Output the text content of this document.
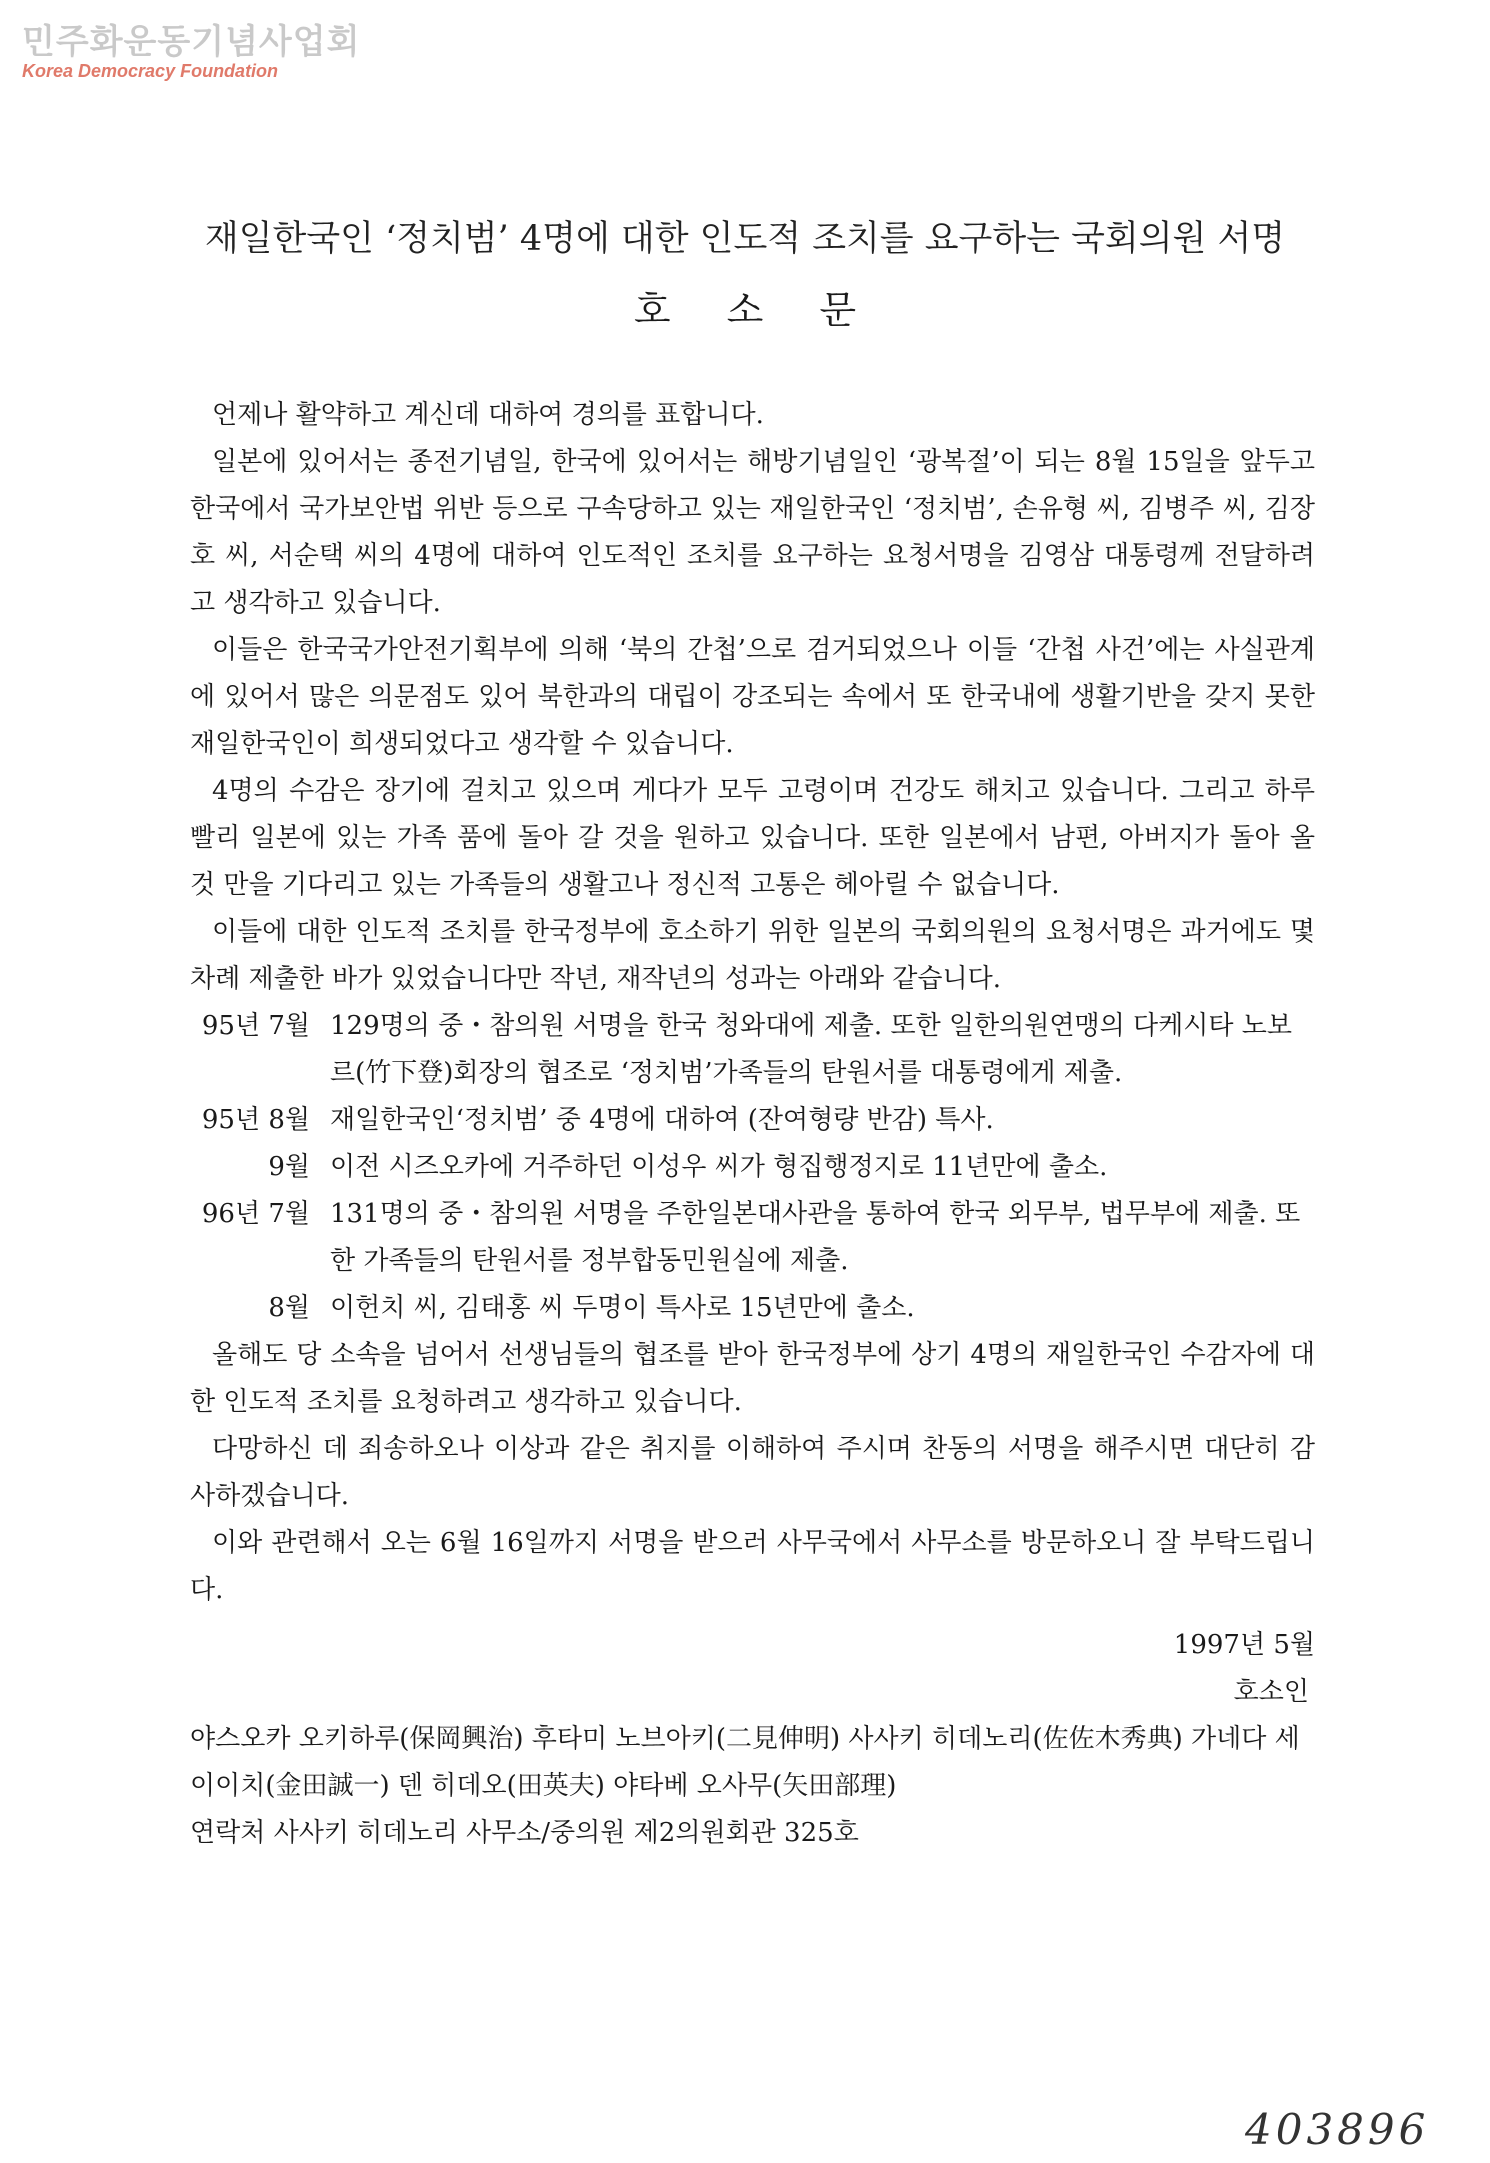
민주화운동기념사업회
Korea Democracy Foundation
재일한국인 ‘정치범’ 4명에 대한 인도적 조치를 요구하는 국회의원 서명
호 소 문

언제나 활약하고 계신데 대하여 경의를 표합니다.

일본에 있어서는 종전기념일, 한국에 있어서는 해방기념일인 ‘광복절’이 되는 8월 15일을 앞두고 한국에서 국가보안법 위반 등으로 구속당하고 있는 재일한국인 ‘정치범’, 손유형 씨, 김병주 씨, 김장호 씨, 서순택 씨의 4명에 대하여 인도적인 조치를 요구하는 요청서명을 김영삼 대통령께 전달하려고 생각하고 있습니다.

이들은 한국국가안전기획부에 의해 ‘북의 간첩’으로 검거되었으나 이들 ‘간첩 사건’에는 사실관계에 있어서 많은 의문점도 있어 북한과의 대립이 강조되는 속에서 또 한국내에 생활기반을 갖지 못한 재일한국인이 희생되었다고 생각할 수 있습니다.

4명의 수감은 장기에 걸치고 있으며 게다가 모두 고령이며 건강도 해치고 있습니다. 그리고 하루빨리 일본에 있는 가족 품에 돌아 갈 것을 원하고 있습니다. 또한 일본에서 남편, 아버지가 돌아 올 것 만을 기다리고 있는 가족들의 생활고나 정신적 고통은 헤아릴 수 없습니다.

이들에 대한 인도적 조치를 한국정부에 호소하기 위한 일본의 국회의원의 요청서명은 과거에도 몇차례 제출한 바가 있었습니다만 작년, 재작년의 성과는 아래와 같습니다.

95년 7월 129명의 중・참의원 서명을 한국 청와대에 제출. 또한 일한의원연맹의 다케시타 노보르(竹下登)회장의 협조로 ‘정치범’가족들의 탄원서를 대통령에게 제출.
95년 8월 재일한국인‘정치범’ 중 4명에 대하여 (잔여형량 반감) 특사.
9월 이전 시즈오카에 거주하던 이성우 씨가 형집행정지로 11년만에 출소.
96년 7월 131명의 중・참의원 서명을 주한일본대사관을 통하여 한국 외무부, 법무부에 제출. 또한 가족들의 탄원서를 정부합동민원실에 제출.
8월 이헌치 씨, 김태홍 씨 두명이 특사로 15년만에 출소.

올해도 당 소속을 넘어서 선생님들의 협조를 받아 한국정부에 상기 4명의 재일한국인 수감자에 대한 인도적 조치를 요청하려고 생각하고 있습니다.

다망하신 데 죄송하오나 이상과 같은 취지를 이해하여 주시며 찬동의 서명을 해주시면 대단히 감사하겠습니다.

이와 관련해서 오는 6월 16일까지 서명을 받으러 사무국에서 사무소를 방문하오니 잘 부탁드립니다.

1997년 5월

호소인

야스오카 오키하루(保岡興治) 후타미 노브아키(二見伸明) 사사키 히데노리(佐佐木秀典) 가네다 세이이치(金田誠一) 덴 히데오(田英夫) 야타베 오사무(矢田部理)

연락처 사사키 히데노리 사무소/중의원 제2의원회관 325호

403896
